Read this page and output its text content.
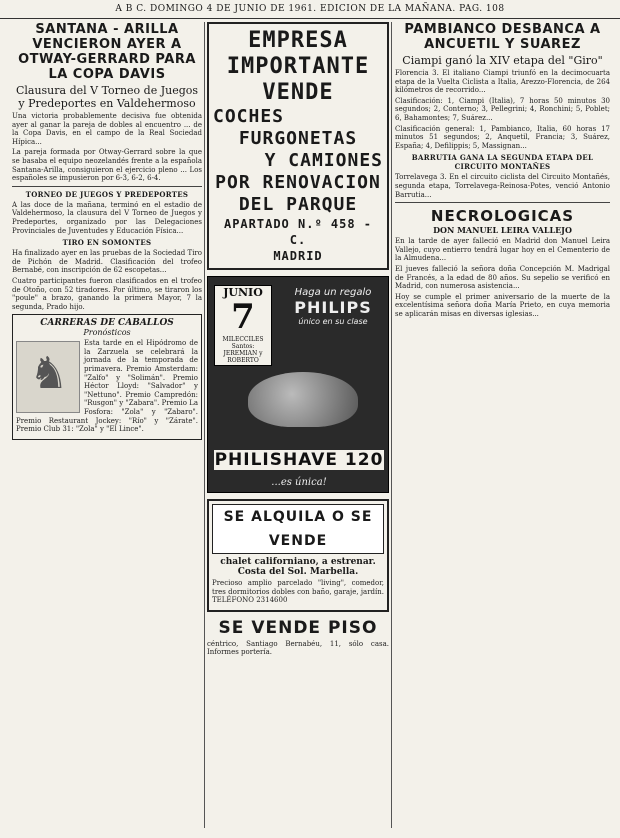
A B C. DOMINGO 4 DE JUNIO DE 1961. EDICION DE LA MAÑANA. PAG. 108
SANTANA - ARILLA VENCIERON AYER A OTWAY-GERRARD PARA LA COPA DAVIS
Clausura del V Torneo de Juegos y Predeportes en Valdehermoso
Una victoria probablemente decisiva fue obtenida ayer al ganar la pareja de dobles al encuentro ... de la Copa Davis, en el campo de la Real Sociedad Hípica...
La pareja formada por Otway-Gerrard sobre la que se basaba el equipo neozelandés frente a la española Santana-Arilla, consiguieron el ejercicio pleno ... Los españoles se impusieron por 6-3, 6-2, 6-4.
TORNEO DE JUEGOS Y PREDEPORTES
A las doce de la mañana, terminó en el estadio de Valdehermoso, la clausura del V Torneo de Juegos y Predeportes, organizado por las Delegaciones Provinciales de Juventudes y Educación Física...
TIRO EN SOMONTES
Ha finalizado ayer en las pruebas de la Sociedad Tiro de Pichón de Madrid. Clasificación del trofeo Bernabé, con inscripción de 62 escopetas...
Cuatro participantes fueron clasificados en el trofeo de Otoño, con 52 tiradores. Por último, se tiraron los "poule" a brazo, ganando la primera Mayor, 7 la segunda, Prado hijo.
CARRERAS DE CABALLOS
Pronósticos
♞
Esta tarde en el Hipódromo de la Zarzuela se celebrará la jornada de la temporada de primavera. Premio Amsterdam: "Zalfo" y "Solimán". Premio Héctor Lloyd: "Salvador" y "Nettuno". Premio Campredón: "Rusgon" y "Zabara". Premio La Fosfora: "Zola" y "Zabaro". Premio Restaurant Jockey: "Río" y "Zárate". Premio Club 31: "Zola" y "El Lince".
EMPRESA
IMPORTANTE
VENDE
COCHES
FURGONETAS
Y CAMIONES
POR RENOVACION
DEL PARQUE
APARTADO N.º 458 - C.
MADRID
JUNIO
7
MILECCILES Santos: JEREMIAN y ROBERTO
Haga un regalo
PHILIPS
único en su clase
PHILISHAVE 120
...es única!
SE ALQUILA O SE VENDE
chalet californiano, a estrenar. Costa del Sol. Marbella.
Precioso amplio parcelado "living", comedor, tres dormitorios dobles con baño, garaje, jardín. TELÉFONO 2314600
SE VENDE PISO
céntrico, Santiago Bernabéu, 11, sólo casa. Informes portería.
PAMBIANCO DESBANCA A ANCUETIL Y SUAREZ
Ciampi ganó la XIV etapa del "Giro"
Florencia 3. El italiano Ciampi triunfó en la decimocuarta etapa de la Vuelta Ciclista a Italia, Arezzo-Florencia, de 264 kilómetros de recorrido...
Clasificación: 1, Ciampi (Italia), 7 horas 50 minutos 30 segundos; 2, Conterno; 3, Pellegrini; 4, Ronchini; 5, Poblet; 6, Bahamontes; 7, Suárez...
Clasificación general: 1, Pambianco, Italia, 60 horas 17 minutos 51 segundos; 2, Anquetil, Francia; 3, Suárez, España; 4, Defilippis; 5, Massignan...
BARRUTIA GANA LA SEGUNDA ETAPA DEL CIRCUITO MONTAÑES
Torrelavega 3. En el circuito ciclista del Circuito Montañés, segunda etapa, Torrelavega-Reinosa-Potes, venció Antonio Barrutia...
NECROLOGICAS
DON MANUEL LEIRA VALLEJO
En la tarde de ayer falleció en Madrid don Manuel Leira Vallejo, cuyo entierro tendrá lugar hoy en el Cementerio de la Almudena...
El jueves falleció la señora doña Concepción M. Madrigal de Francés, a la edad de 80 años. Su sepelio se verificó en Madrid, con numerosa asistencia...
Hoy se cumple el primer aniversario de la muerte de la excelentísima señora doña María Prieto, en cuya memoria se aplicarán misas en diversas iglesias...
